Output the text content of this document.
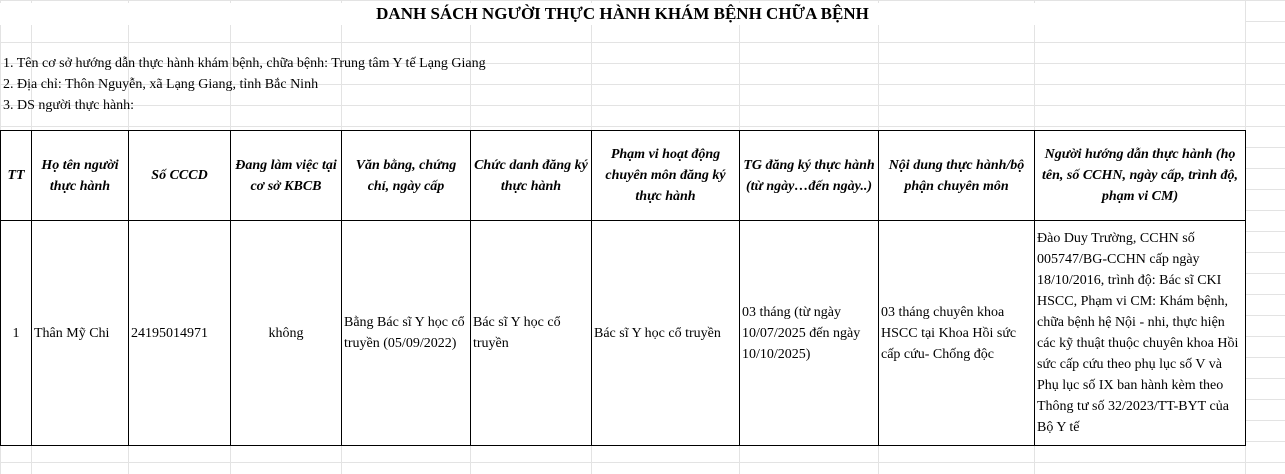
DANH SÁCH NGƯỜI THỰC HÀNH KHÁM BỆNH CHỮA BỆNH
1. Tên cơ sở hướng dẫn thực hành khám bệnh, chữa bệnh: Trung tâm Y tế Lạng Giang
2. Địa chỉ: Thôn Nguyễn, xã Lạng Giang, tỉnh Bắc Ninh
3. DS người thực hành:
TT	Họ tên người thực hành	Số CCCD	Đang làm việc tại cơ sở KBCB	Văn bằng, chứng chỉ, ngày cấp	Chức danh đăng ký thực hành	Phạm vi hoạt động chuyên môn đăng ký thực hành	TG đăng ký thực hành (từ ngày…đến ngày..)	Nội dung thực hành/bộ phận chuyên môn	Người hướng dẫn thực hành (họ tên, số CCHN, ngày cấp, trình độ, phạm vi CM)
1	Thân Mỹ Chi	24195014971	không	Bằng Bác sĩ Y học cổ truyền (05/09/2022)	Bác sĩ Y học cổ truyền	Bác sĩ Y học cổ truyền	03 tháng (từ ngày 10/07/2025 đến ngày 10/10/2025)	03 tháng chuyên khoa HSCC tại Khoa Hồi sức cấp cứu- Chống độc	Đào Duy Trường, CCHN số 005747/BG-CCHN cấp ngày 18/10/2016, trình độ: Bác sĩ CKI HSCC, Phạm vi CM: Khám bệnh, chữa bệnh hệ Nội - nhi, thực hiện các kỹ thuật thuộc chuyên khoa Hồi sức cấp cứu theo phụ lục số V và Phụ lục số IX ban hành kèm theo Thông tư số 32/2023/TT-BYT của Bộ Y tế
